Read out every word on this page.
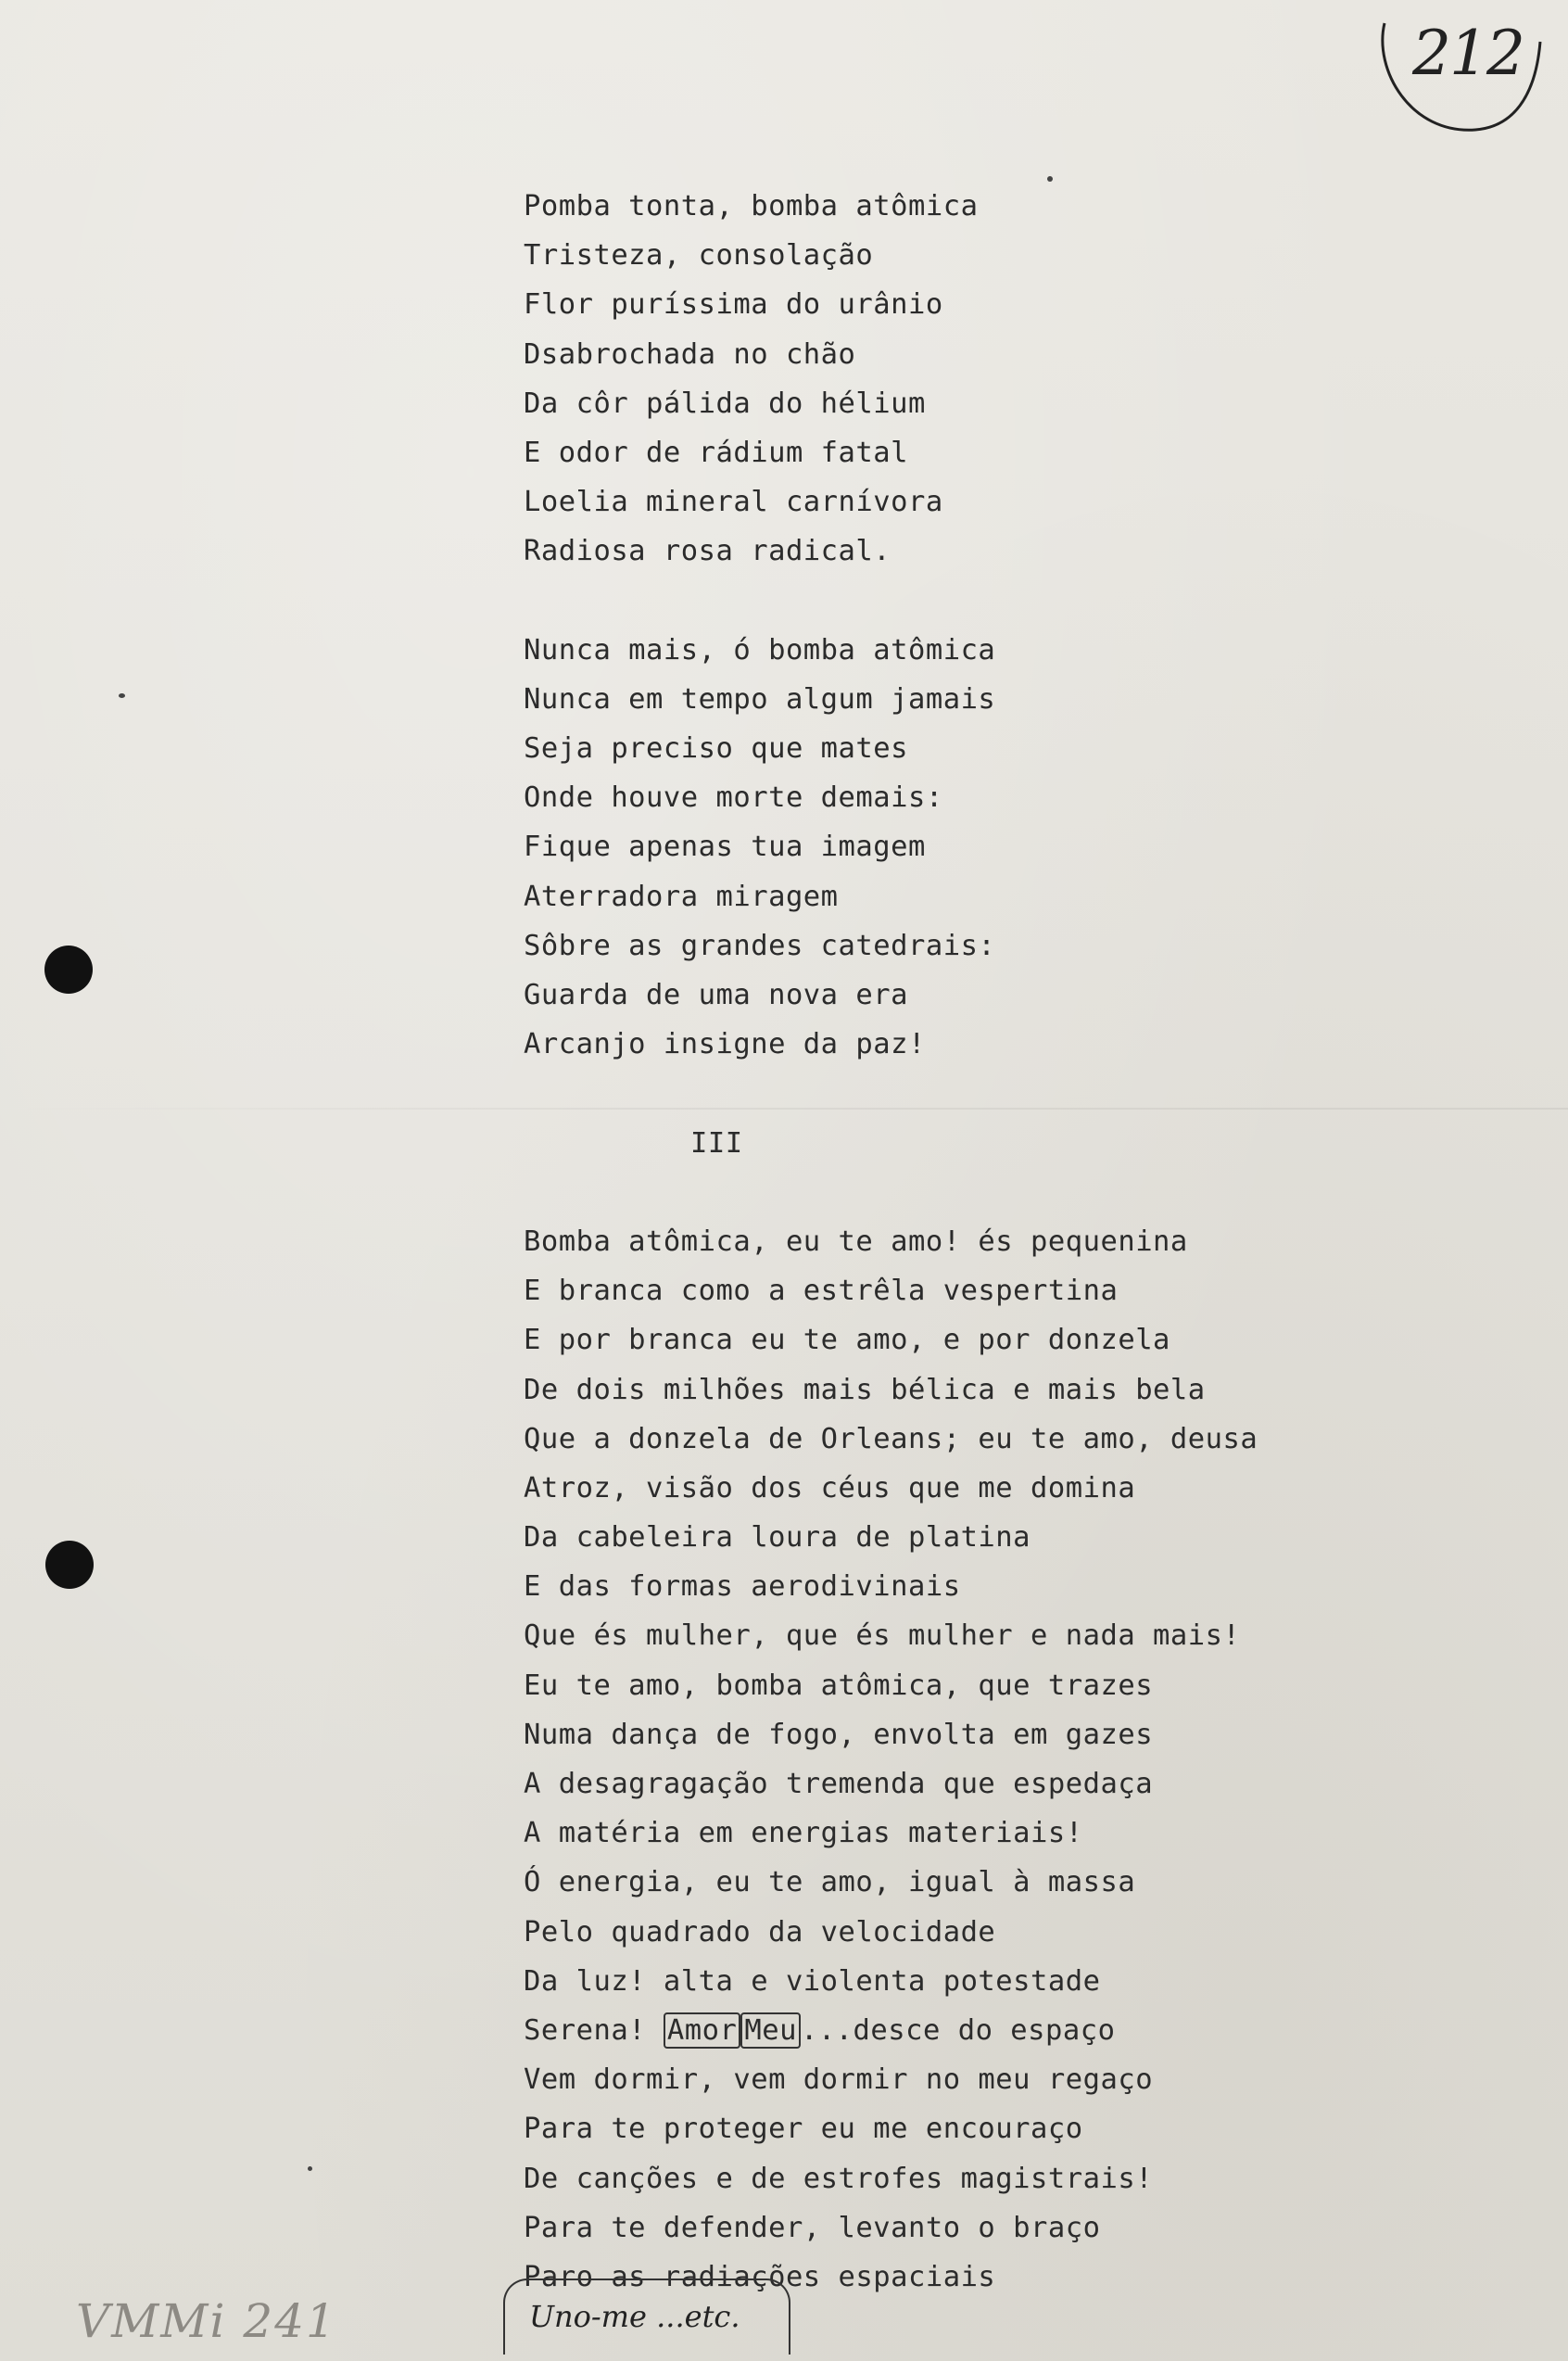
212
Pomba tonta, bomba atômica
Tristeza, consolação
Flor puríssima do urânio
Dsabrochada no chão
Da côr pálida do hélium
E odor de rádium fatal
Loelia mineral carnívora
Radiosa rosa radical.
Nunca mais, ó bomba atômica
Nunca em tempo algum jamais
Seja preciso que mates
Onde houve morte demais:
Fique apenas tua imagem
Aterradora miragem
Sôbre as grandes catedrais:
Guarda de uma nova era
Arcanjo insigne da paz!
III
Bomba atômica, eu te amo! és pequenina
E branca como a estrêla vespertina
E por branca eu te amo, e por donzela
De dois milhões mais bélica e mais bela
Que a donzela de Orleans; eu te amo, deusa
Atroz, visão dos céus que me domina
Da cabeleira loura de platina
E das formas aerodivinais
Que és mulher, que és mulher e nada mais!
Eu te amo, bomba atômica, que trazes
Numa dança de fogo, envolta em gazes
A desagragação tremenda que espedaça
A matéria em energias materiais!
Ó energia, eu te amo, igual à massa
Pelo quadrado da velocidade
Da luz! alta e violenta potestade
Serena! Amor Meu ...desce do espaço
Vem dormir, vem dormir no meu regaço
Para te proteger eu me encouraço
De canções e de estrofes magistrais!
Para te defender, levanto o braço
Paro as radiações espaciais
Uno-me ...etc.
VMMi 241
